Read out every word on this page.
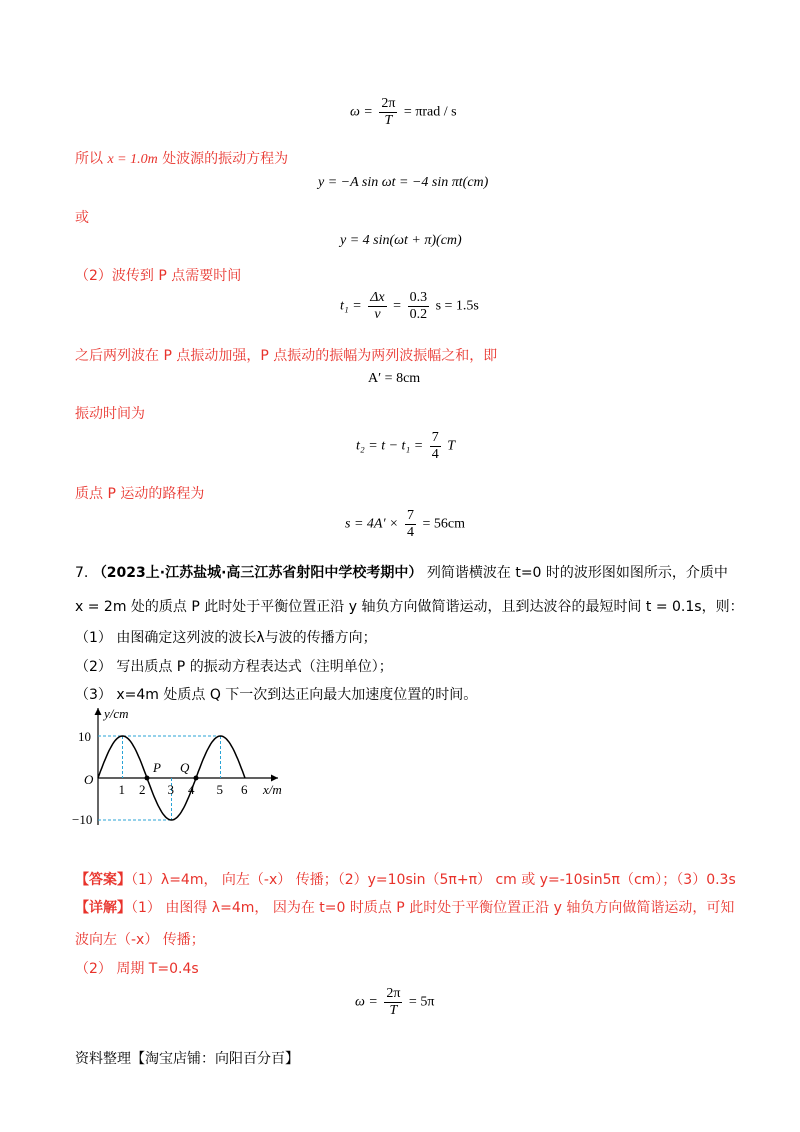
$\omega = \frac{2\pi}{T} = \pi rad / s$
所以 x = 1.0m 处波源的振动方程为
y = −A sin ωt = −4 sin πt(cm)
或
y = 4 sin(ωt + π)(cm)
（2）波传到 P 点需要时间
$t_1 = \frac{\Delta x}{v} = \frac{0.3}{0.2}$ s = 1.5s
之后两列波在 P 点振动加强，P 点振动的振幅为两列波振幅之和，即
A′ = 8cm
振动时间为
$t_2 = t - t_1 = \frac{7}{4}$ T
质点 P 运动的路程为
$s = 4A' \times \frac{7}{4} = 56cm$
7. （2023上·江苏盐城·高三江苏省射阳中学校考期中） 列简谐横波在 t=0 时的波形图如图所示，介质中
x = 2m 处的质点 P 此时处于平衡位置正沿 y 轴负方向做简谐运动，且到达波谷的最短时间 t = 0.1s，则：
（1） 由图确定这列波的波长λ与波的传播方向；
（2） 写出质点 P 的振动方程表达式（注明单位）；
（3） x=4m 处质点 Q 下一次到达正向最大加速度位置的时间。
y/cm
x/m
O
10
−10
1 2 3 4 5 6
P Q
【答案】（1）λ=4m， 向左（-x） 传播；（2）y=10sin（5π+π） cm 或 y=-10sin5π（cm）；（3）0.3s
【详解】（1） 由图得 λ=4m， 因为在 t=0 时质点 P 此时处于平衡位置正沿 y 轴负方向做简谐运动，可知
波向左（-x） 传播；
（2） 周期 T=0.4s
$\omega = \frac{2\pi}{T} = 5\pi$
资料整理【淘宝店铺：向阳百分百】
